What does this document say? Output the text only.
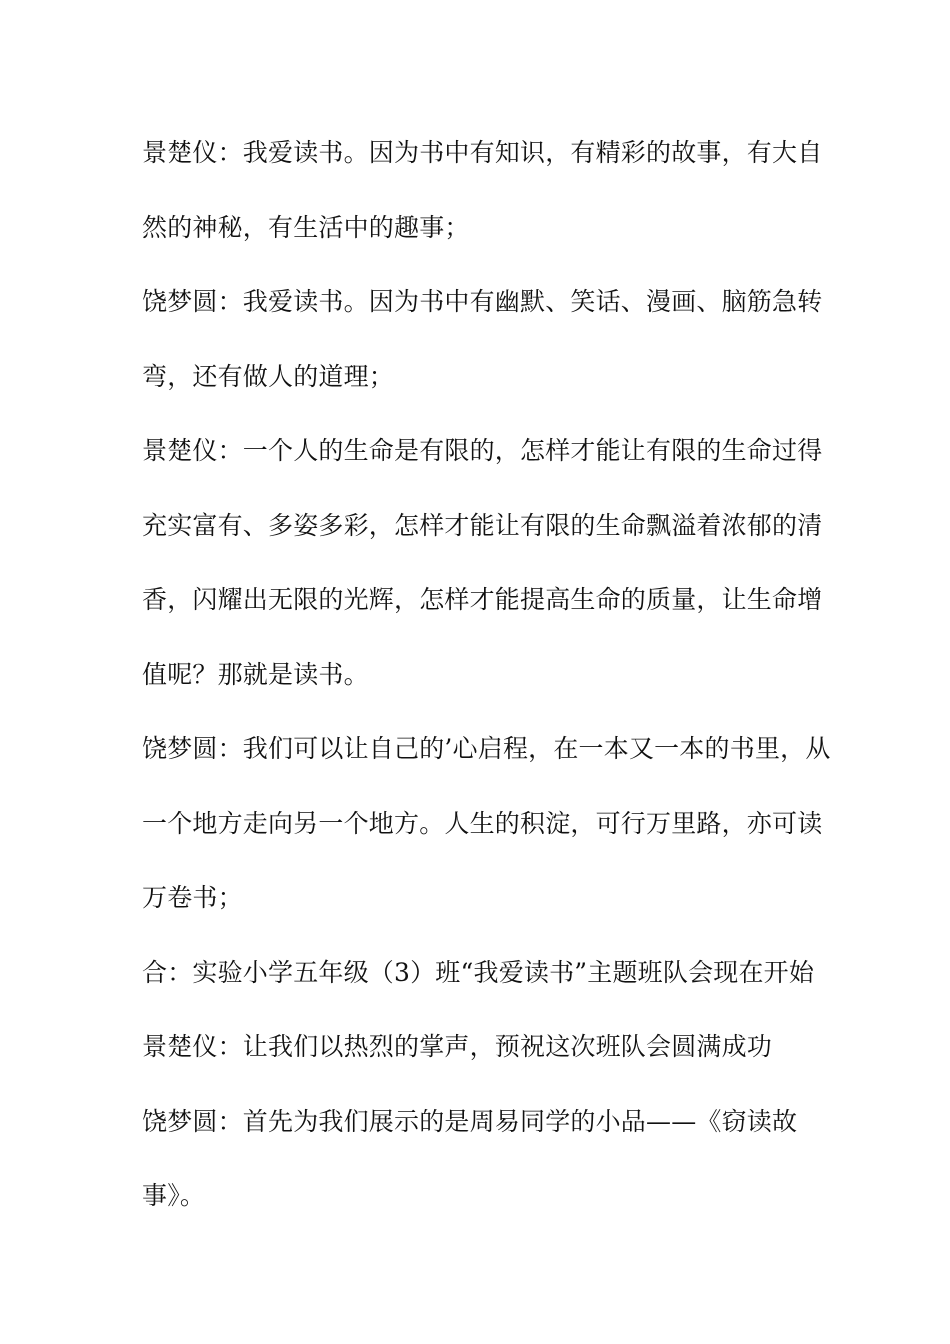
景楚仪：我爱读书。因为书中有知识，有精彩的故事，有大自
然的神秘，有生活中的趣事；
饶梦圆：我爱读书。因为书中有幽默、笑话、漫画、脑筋急转
弯，还有做人的道理；
景楚仪：一个人的生命是有限的，怎样才能让有限的生命过得
充实富有、多姿多彩，怎样才能让有限的生命飘溢着浓郁的清
香，闪耀出无限的光辉，怎样才能提高生命的质量，让生命增
值呢？那就是读书。
饶梦圆：我们可以让自己的’心启程，在一本又一本的书里，从
一个地方走向另一个地方。人生的积淀，可行万里路，亦可读
万卷书；
合：实验小学五年级（3）班“我爱读书”主题班队会现在开始
景楚仪：让我们以热烈的掌声，预祝这次班队会圆满成功
饶梦圆：首先为我们展示的是周易同学的小品——《窃读故
事》。
